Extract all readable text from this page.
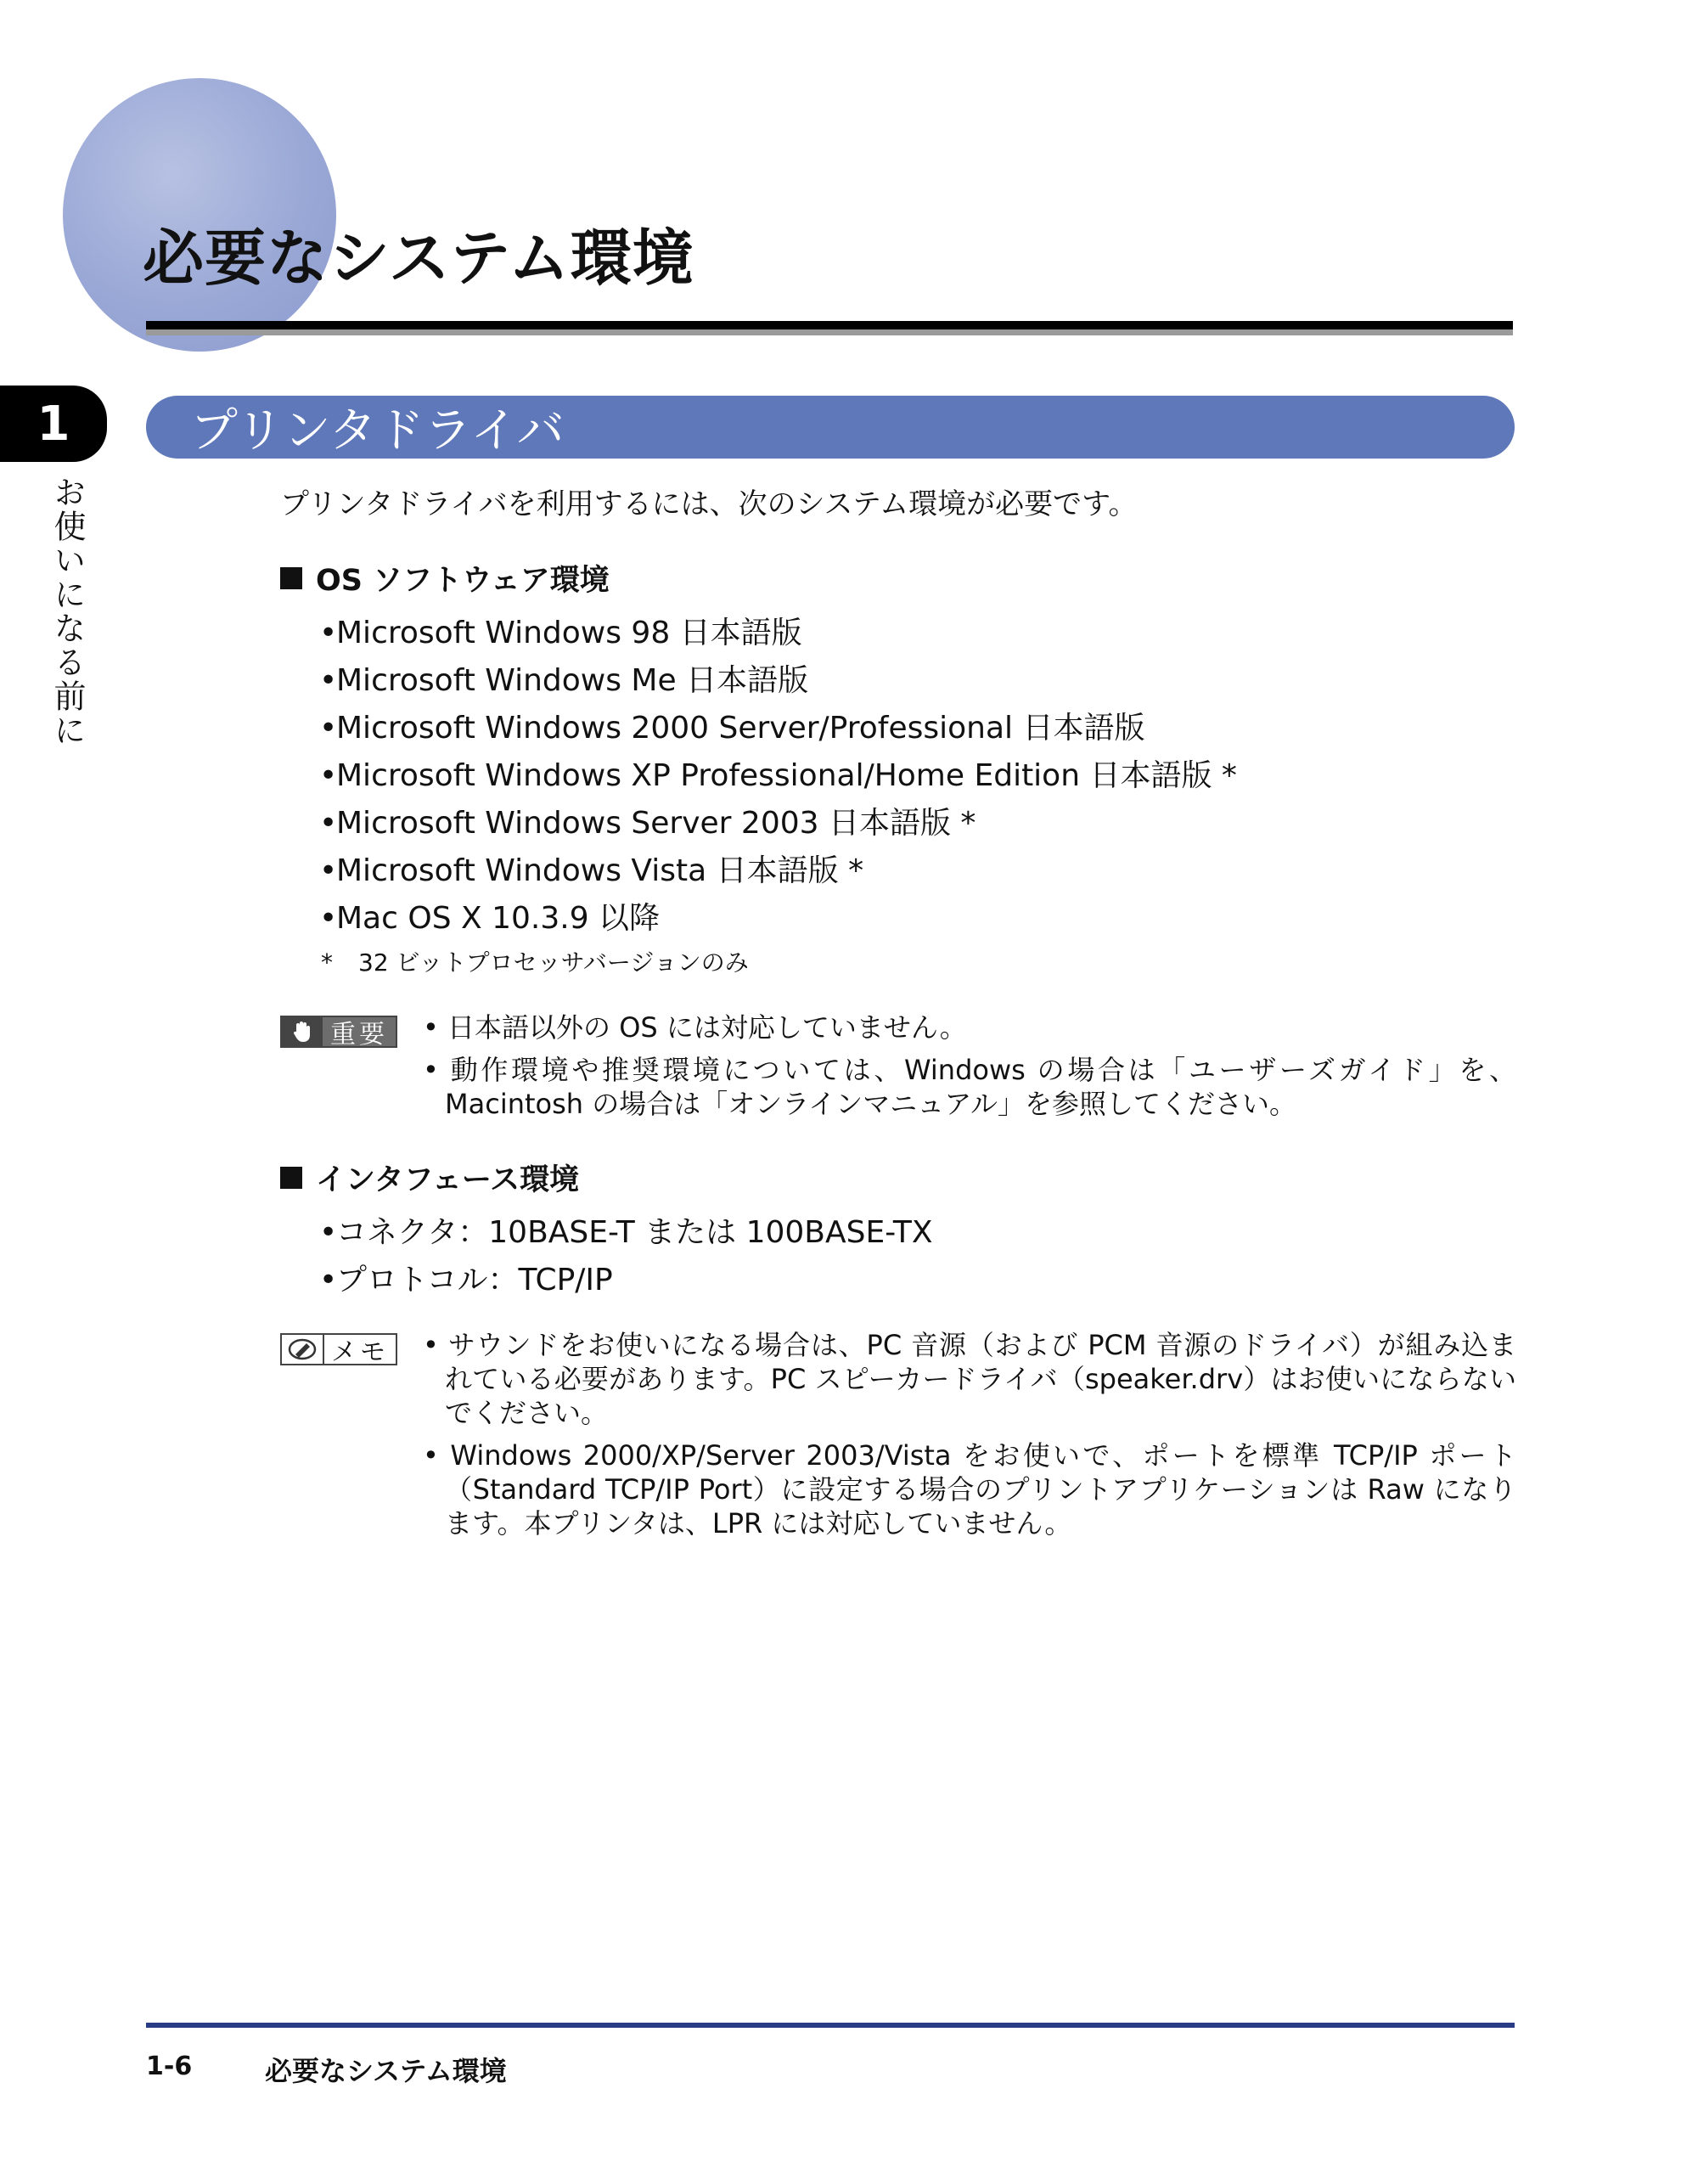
必要なシステム環境
1
お使いになる前に
プリンタドライバ
プリンタドライバを利用するには、次のシステム環境が必要です。
OS ソフトウェア環境
•Microsoft Windows 98 日本語版
•Microsoft Windows Me 日本語版
•Microsoft Windows 2000 Server/Professional 日本語版
•Microsoft Windows XP Professional/Home Edition 日本語版 *
•Microsoft Windows Server 2003 日本語版 *
•Microsoft Windows Vista 日本語版 *
•Mac OS X 10.3.9 以降
* 32 ビットプロセッサバージョンのみ
重要 • 日本語以外の OS には対応していません。
• 動作環境や推奨環境については、Windows の場合は「ユーザーズガイド」を、Macintosh の場合は「オンラインマニュアル」を参照してください。
インタフェース環境
•コネクタ：10BASE-T または 100BASE-TX
•プロトコル：TCP/IP
メモ • サウンドをお使いになる場合は、PC 音源（および PCM 音源のドライバ）が組み込まれている必要があります。PC スピーカードライバ（speaker.drv）はお使いにならないでください。
• Windows 2000/XP/Server 2003/Vista をお使いで、ポートを標準 TCP/IP ポート（Standard TCP/IP Port）に設定する場合のプリントアプリケーションは Raw になります。本プリンタは、LPR には対応していません。
1-6	必要なシステム環境
